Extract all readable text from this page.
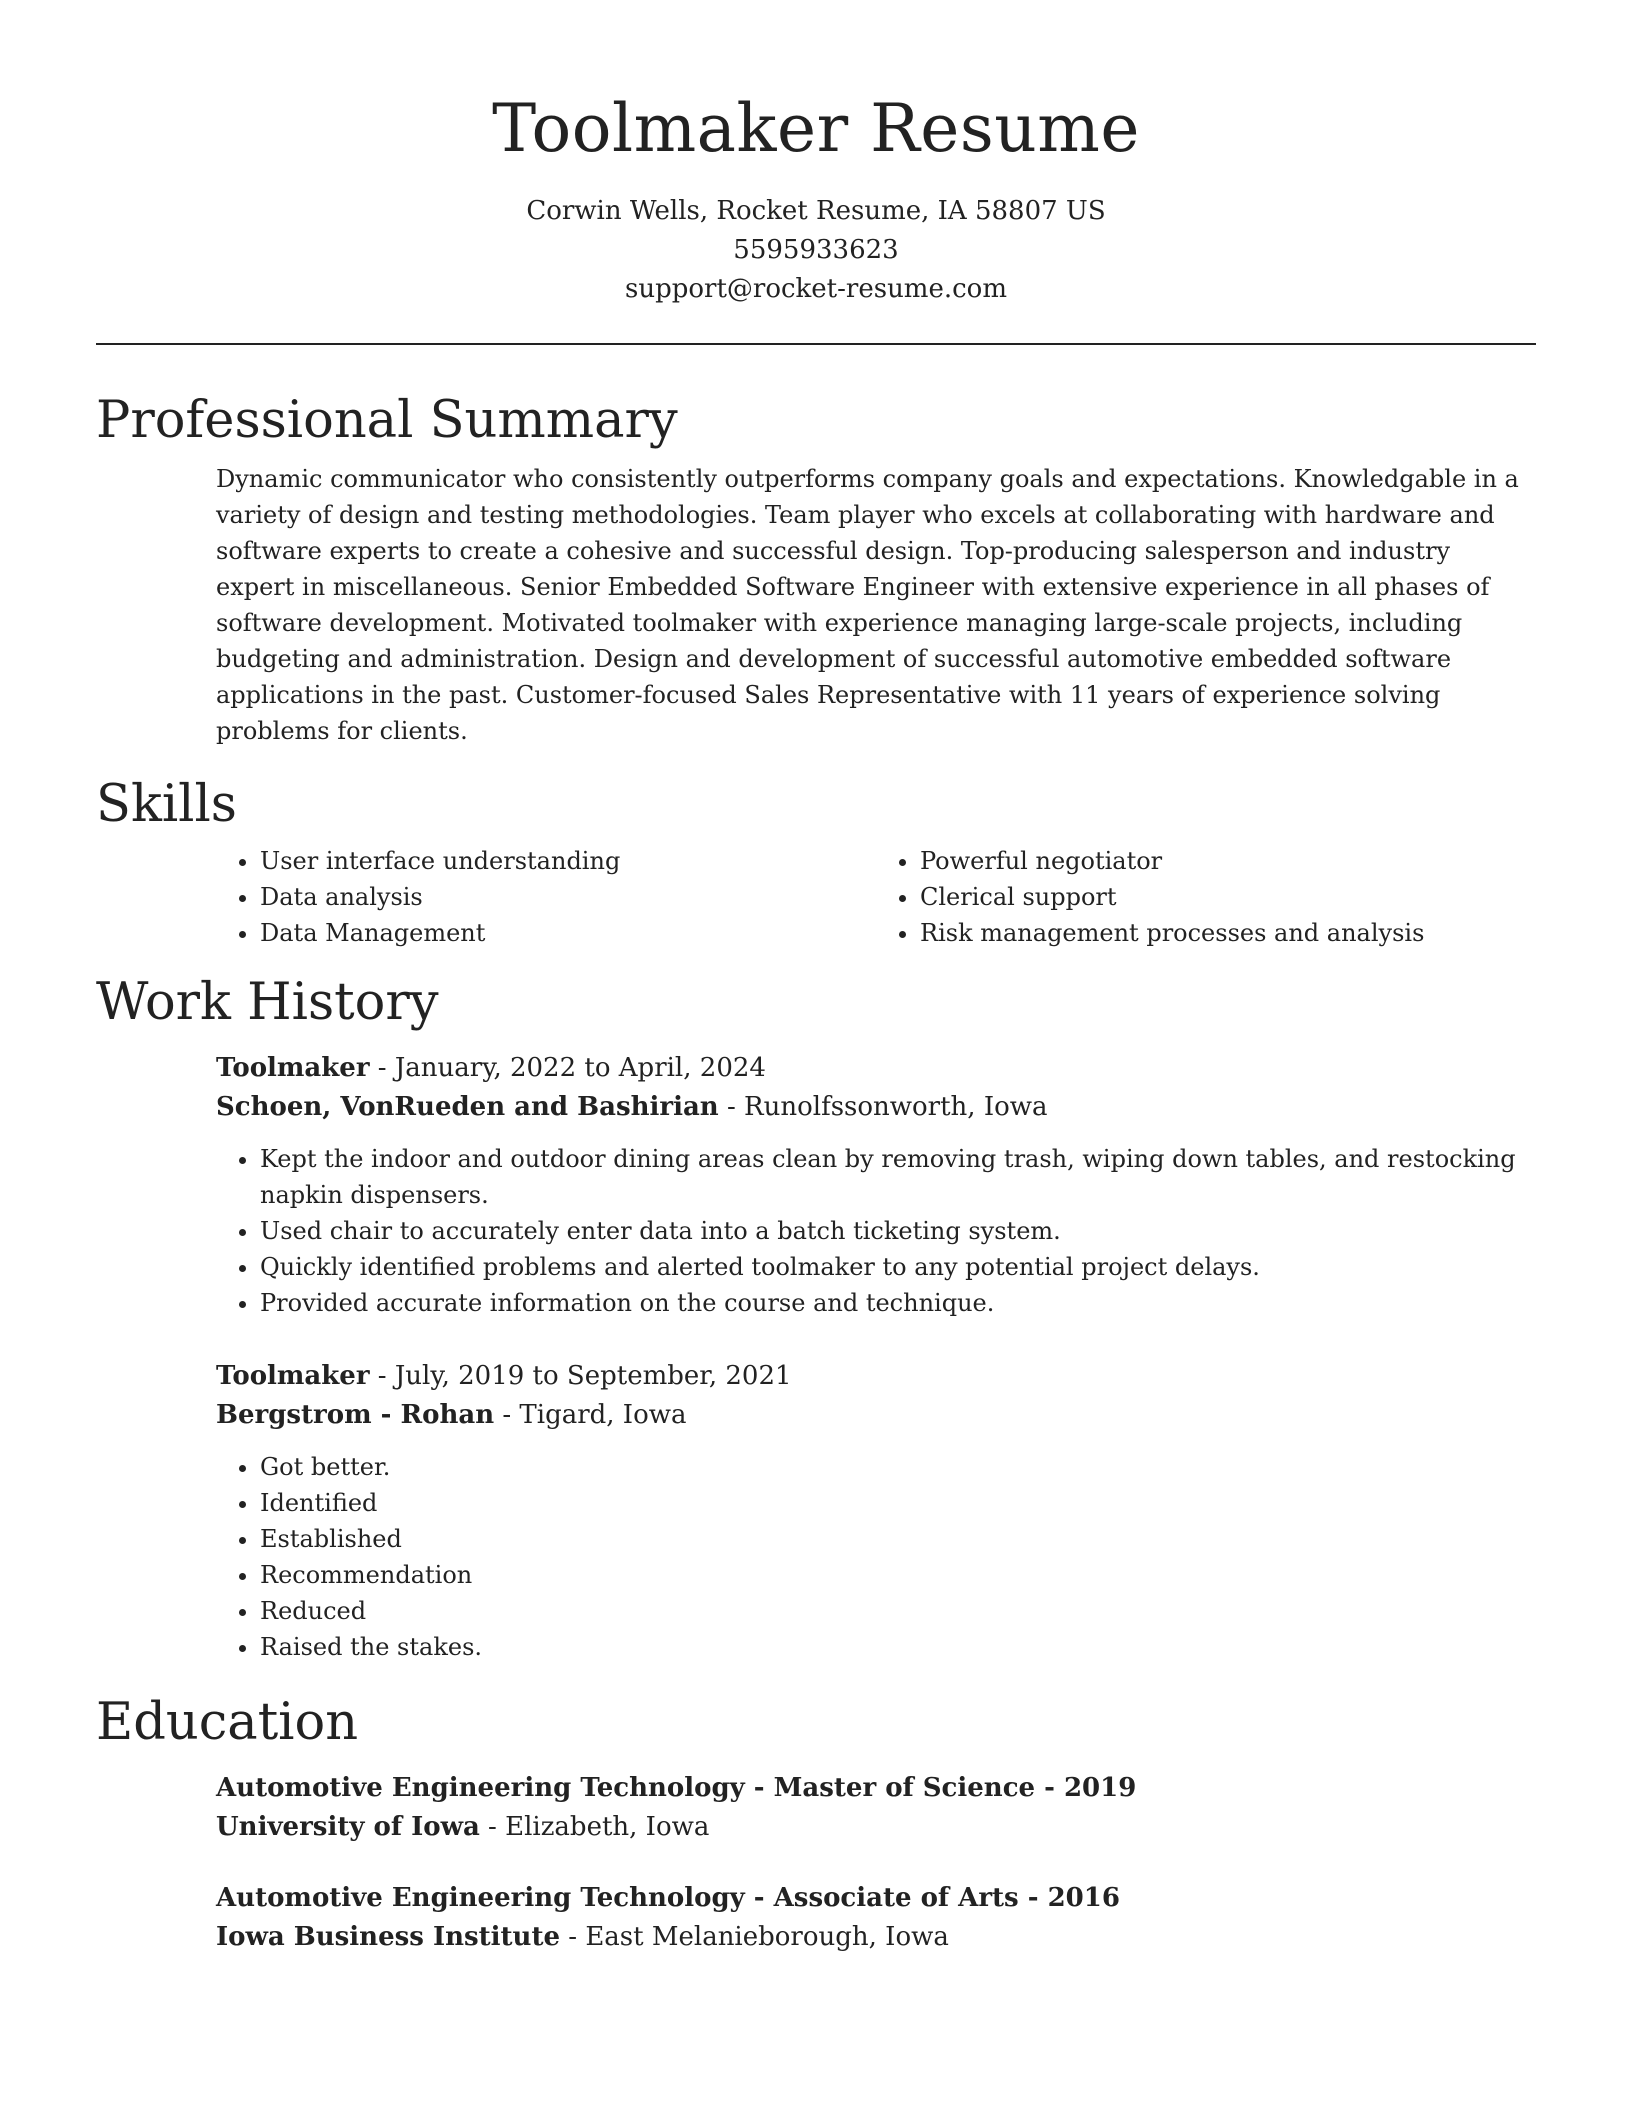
Toolmaker Resume
Corwin Wells, Rocket Resume, IA 58807 US
5595933623
support@rocket-resume.com
Professional Summary
Dynamic communicator who consistently outperforms company goals and expectations. Knowledgable in a variety of design and testing methodologies. Team player who excels at collaborating with hardware and software experts to create a cohesive and successful design. Top-producing salesperson and industry expert in miscellaneous. Senior Embedded Software Engineer with extensive experience in all phases of software development. Motivated toolmaker with experience managing large-scale projects, including budgeting and administration. Design and development of successful automotive embedded software applications in the past. Customer-focused Sales Representative with 11 years of experience solving problems for clients.
Skills
• User interface understanding
• Data analysis
• Data Management
• Powerful negotiator
• Clerical support
• Risk management processes and analysis
Work History
Toolmaker - January, 2022 to April, 2024
Schoen, VonRueden and Bashirian - Runolfssonworth, Iowa
• Kept the indoor and outdoor dining areas clean by removing trash, wiping down tables, and restocking napkin dispensers.
• Used chair to accurately enter data into a batch ticketing system.
• Quickly identified problems and alerted toolmaker to any potential project delays.
• Provided accurate information on the course and technique.
Toolmaker - July, 2019 to September, 2021
Bergstrom - Rohan - Tigard, Iowa
• Got better.
• Identified
• Established
• Recommendation
• Reduced
• Raised the stakes.
Education
Automotive Engineering Technology - Master of Science - 2019
University of Iowa - Elizabeth, Iowa
Automotive Engineering Technology - Associate of Arts - 2016
Iowa Business Institute - East Melanieborough, Iowa
